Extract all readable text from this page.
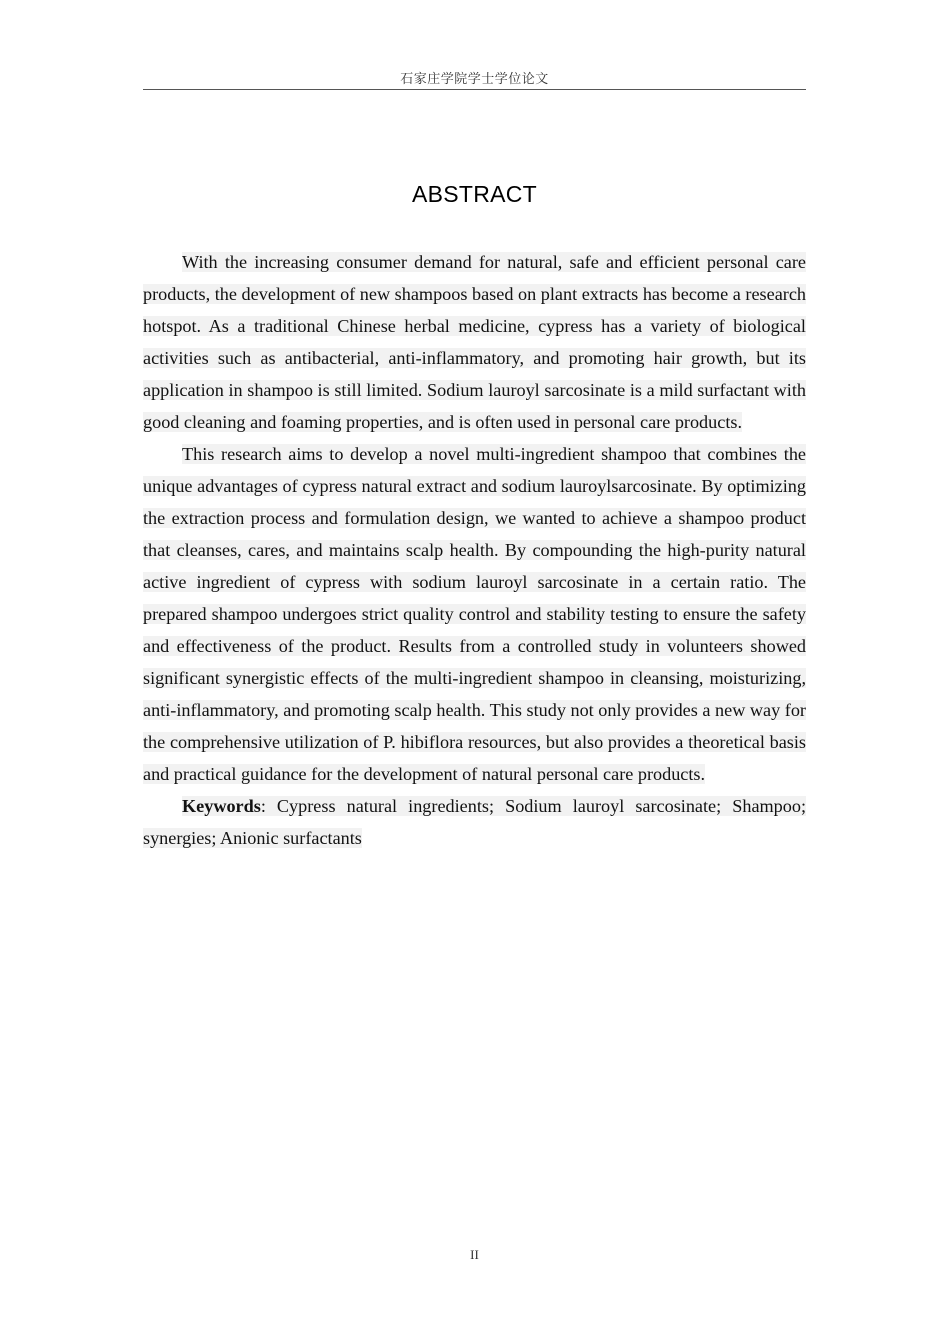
石家庄学院学士学位论文
ABSTRACT

With the increasing consumer demand for natural, safe and efficient personal care products, the development of new shampoos based on plant extracts has become a research hotspot. As a traditional Chinese herbal medicine, cypress has a variety of biological activities such as antibacterial, anti-inflammatory, and promoting hair growth, but its application in shampoo is still limited. Sodium lauroyl sarcosinate is a mild surfactant with good cleaning and foaming properties, and is often used in personal care products.

This research aims to develop a novel multi-ingredient shampoo that combines the unique advantages of cypress natural extract and sodium lauroylsarcosinate. By optimizing the extraction process and formulation design, we wanted to achieve a shampoo product that cleanses, cares, and maintains scalp health. By compounding the high-purity natural active ingredient of cypress with sodium lauroyl sarcosinate in a certain ratio. The prepared shampoo undergoes strict quality control and stability testing to ensure the safety and effectiveness of the product. Results from a controlled study in volunteers showed significant synergistic effects of the multi-ingredient shampoo in cleansing, moisturizing, anti-inflammatory, and promoting scalp health. This study not only provides a new way for the comprehensive utilization of P. hibiflora resources, but also provides a theoretical basis and practical guidance for the development of natural personal care products.

Keywords: Cypress natural ingredients; Sodium lauroyl sarcosinate; Shampoo; synergies; Anionic surfactants

II
